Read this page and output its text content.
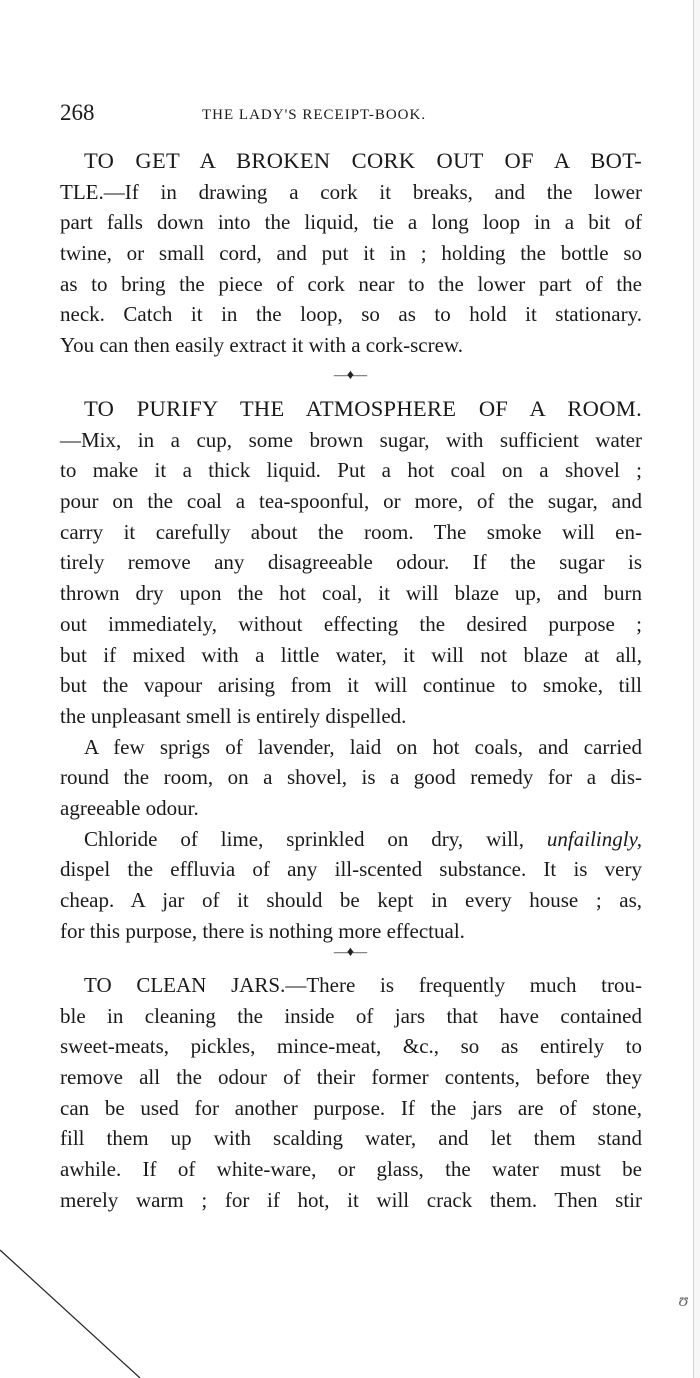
268	THE LADY'S RECEIPT-BOOK.
TO GET A BROKEN CORK OUT OF A BOT-
TLE.—If in drawing a cork it breaks, and the lower
part falls down into the liquid, tie a long loop in a bit of
twine, or small cord, and put it in ; holding the bottle so
as to bring the piece of cork near to the lower part of the
neck. Catch it in the loop, so as to hold it stationary.
You can then easily extract it with a cork-screw.
—♦—
TO PURIFY THE ATMOSPHERE OF A ROOM.
—Mix, in a cup, some brown sugar, with sufficient water
to make it a thick liquid. Put a hot coal on a shovel ;
pour on the coal a tea-spoonful, or more, of the sugar, and
carry it carefully about the room. The smoke will en-
tirely remove any disagreeable odour. If the sugar is
thrown dry upon the hot coal, it will blaze up, and burn
out immediately, without effecting the desired purpose ;
but if mixed with a little water, it will not blaze at all,
but the vapour arising from it will continue to smoke, till
the unpleasant smell is entirely dispelled.
A few sprigs of lavender, laid on hot coals, and carried
round the room, on a shovel, is a good remedy for a dis-
agreeable odour.
Chloride of lime, sprinkled on dry, will, unfailingly,
dispel the effluvia of any ill-scented substance. It is very
cheap. A jar of it should be kept in every house ; as,
for this purpose, there is nothing more effectual.
—♦—
TO CLEAN JARS.—There is frequently much trou-
ble in cleaning the inside of jars that have contained
sweet-meats, pickles, mince-meat, &c., so as entirely to
remove all the odour of their former contents, before they
can be used for another purpose. If the jars are of stone,
fill them up with scalding water, and let them stand
awhile. If of white-ware, or glass, the water must be
merely warm ; for if hot, it will crack them. Then stir
ʊ
